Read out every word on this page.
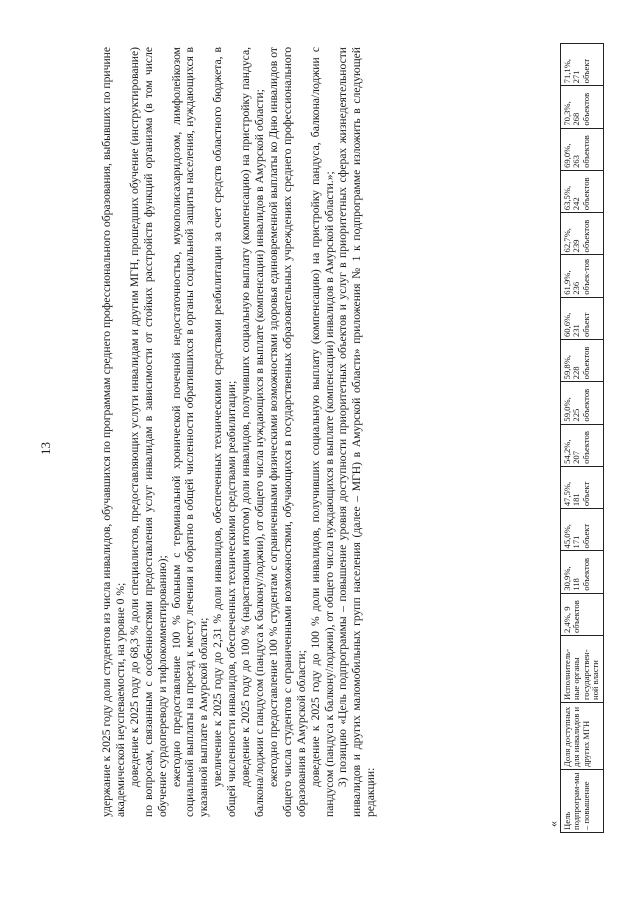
13	удержание к 2025 году доли студентов из числа инвалидов, обучавшихся по программам среднего профессионального образования, выбывших по причине академической неуспеваемости, на уровне 0 %; доведение к 2025 году до 68,3 % доли специалистов, предоставляющих услуги инвалидам и другим МГН, прошедших обучение (инструктирование) по вопросам, связанным с особенностями предоставления услуг инвалидам в зависимости от стойких расстройств функций организма (в том числе обучение сурдопереводу и тифлокомментированию); ежегодно предоставление 100 % больным с терминальной хронической почечной недостаточностью, мукополисахаридозом, лимфолейкозом социальной выплаты на проезд к месту лечения и обратно в общей численности обратившихся в органы социальной защиты населения, нуждающихся в указанной выплате в Амурской области; увеличение к 2025 году до 2,31 % доли инвалидов, обеспеченных техническими средствами реабилитации за счет средств областного бюджета, в общей численности инвалидов, обеспеченных техническими средствами реабилитации; доведение к 2025 году до 100 % (нарастающим итогом) доли инвалидов, получивших социальную выплату (компенсацию) на пристройку пандуса, балкона/лоджии с пандусом (пандуса к балкону/лоджии), от общего числа нуждающихся в выплате (компенсации) инвалидов в Амурской области; ежегодно предоставление 100 % студентам с ограниченными физическими возможностями здоровья единовременной выплаты ко Дню инвалидов от общего числа студентов с ограниченными возможностями, обучающихся в государственных образовательных учреждениях среднего профессионального образования в Амурской области; доведение к 2025 году до 100 % доли инвалидов, получивших социальную выплату (компенсацию) на пристройку пандуса, балкона/лоджии с пандусом (пандуса к балкону/лоджии), от общего числа нуждающихся в выплате (компенсации) инвалидов в Амурской области.»; 3) позицию «Цель подпрограммы – повышение уровня доступности приоритетных объектов и услуг в приоритетных сферах жизнедеятельности инвалидов и других маломобильных групп населения (далее – МГН) в Амурской области» приложения № 1 к подпрограмме изложить в следующей редакции:

« Цель подпрограм-мы – повышение	Доля доступных для инвалидов и других МГН	Исполнитель-ные органы государствен-ной власти	2,4%, 9 объектов	30,9%, 118 объектов	45,0%, 171 объект	47,5%, 181 объект	54,2%, 207 объектов	59,0%, 225 объектов	59,8%, 228 объектов	60,6%, 231 объект	61,9%, 236 объек-тов	62,7%, 239 объектов	63,5%, 242 объектов	69,0%, 263 объектов	70,3%, 268 объектов	71,1%, 271 объект
